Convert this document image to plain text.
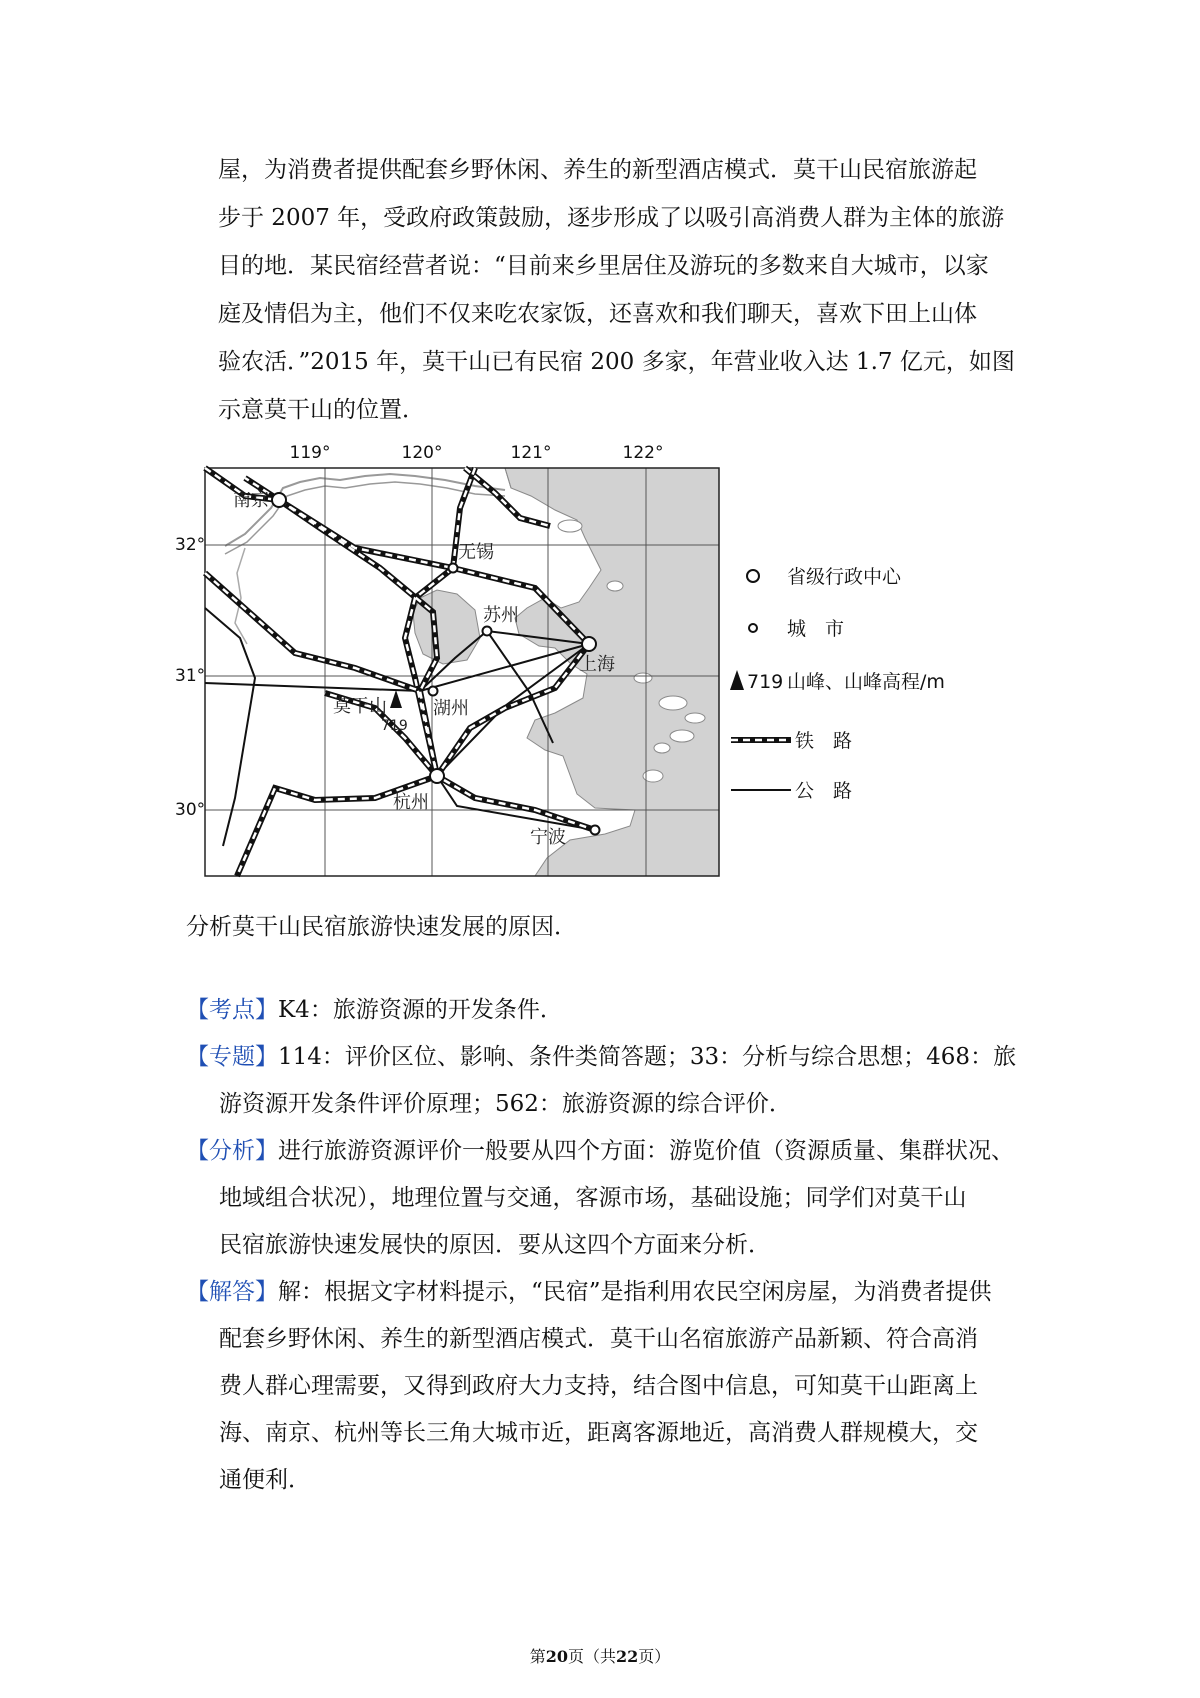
屋，为消费者提供配套乡野休闲、养生的新型酒店模式．莫干山民宿旅游起
步于 2007 年，受政府政策鼓励，逐步形成了以吸引高消费人群为主体的旅游
目的地．某民宿经营者说：“目前来乡里居住及游玩的多数来自大城市，以家
庭及情侣为主，他们不仅来吃农家饭，还喜欢和我们聊天，喜欢下田上山体
验农活．”2015 年，莫干山已有民宿 200 多家，年营业收入达 1.7 亿元，如图
示意莫干山的位置．
119°	120°	121°	122°
32°
31°
30°
南京
无锡
苏州
上海
湖州
莫干山
719
杭州
宁波
省级行政中心
城　市
719 山峰、山峰高程/m
铁　路
公　路
分析莫干山民宿旅游快速发展的原因．
【考点】K4：旅游资源的开发条件．
【专题】114：评价区位、影响、条件类简答题；33：分析与综合思想；468：旅
游资源开发条件评价原理；562：旅游资源的综合评价．
【分析】进行旅游资源评价一般要从四个方面：游览价值（资源质量、集群状况、
地域组合状况），地理位置与交通，客源市场，基础设施；同学们对莫干山
民宿旅游快速发展快的原因．要从这四个方面来分析．
【解答】解：根据文字材料提示，“民宿”是指利用农民空闲房屋，为消费者提供
配套乡野休闲、养生的新型酒店模式．莫干山名宿旅游产品新颖、符合高消
费人群心理需要，又得到政府大力支持，结合图中信息，可知莫干山距离上
海、南京、杭州等长三角大城市近，距离客源地近，高消费人群规模大，交
通便利．
第20页（共22页）
